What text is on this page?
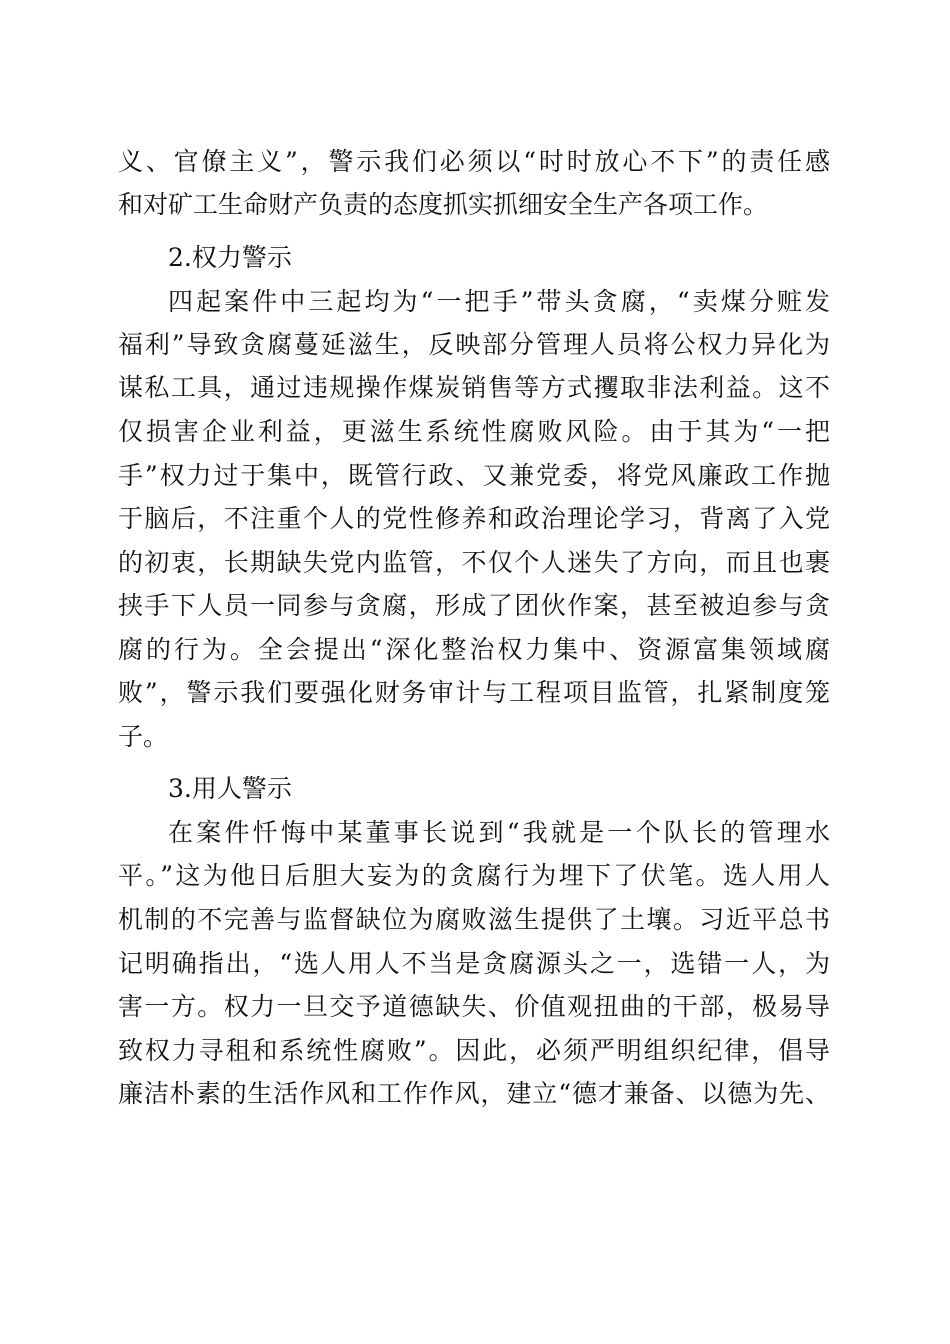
义、官僚主义”，警示我们必须以“时时放心不下”的责任感
和对矿工生命财产负责的态度抓实抓细安全生产各项工作。
2.权力警示
四起案件中三起均为“一把手”带头贪腐，“卖煤分赃发
福利”导致贪腐蔓延滋生，反映部分管理人员将公权力异化为
谋私工具，通过违规操作煤炭销售等方式攫取非法利益。这不
仅损害企业利益，更滋生系统性腐败风险。由于其为“一把
手”权力过于集中，既管行政、又兼党委，将党风廉政工作抛
于脑后，不注重个人的党性修养和政治理论学习，背离了入党
的初衷，长期缺失党内监管，不仅个人迷失了方向，而且也裹
挟手下人员一同参与贪腐，形成了团伙作案，甚至被迫参与贪
腐的行为。全会提出“深化整治权力集中、资源富集领域腐
败”，警示我们要强化财务审计与工程项目监管，扎紧制度笼
子。
3.用人警示
在案件忏悔中某董事长说到“我就是一个队长的管理水
平。”这为他日后胆大妄为的贪腐行为埋下了伏笔。选人用人
机制的不完善与监督缺位为腐败滋生提供了土壤。习近平总书
记明确指出，“选人用人不当是贪腐源头之一，选错一人，为
害一方。权力一旦交予道德缺失、价值观扭曲的干部，极易导
致权力寻租和系统性腐败”。因此，必须严明组织纪律，倡导
廉洁朴素的生活作风和工作作风，建立“德才兼备、以德为先、
